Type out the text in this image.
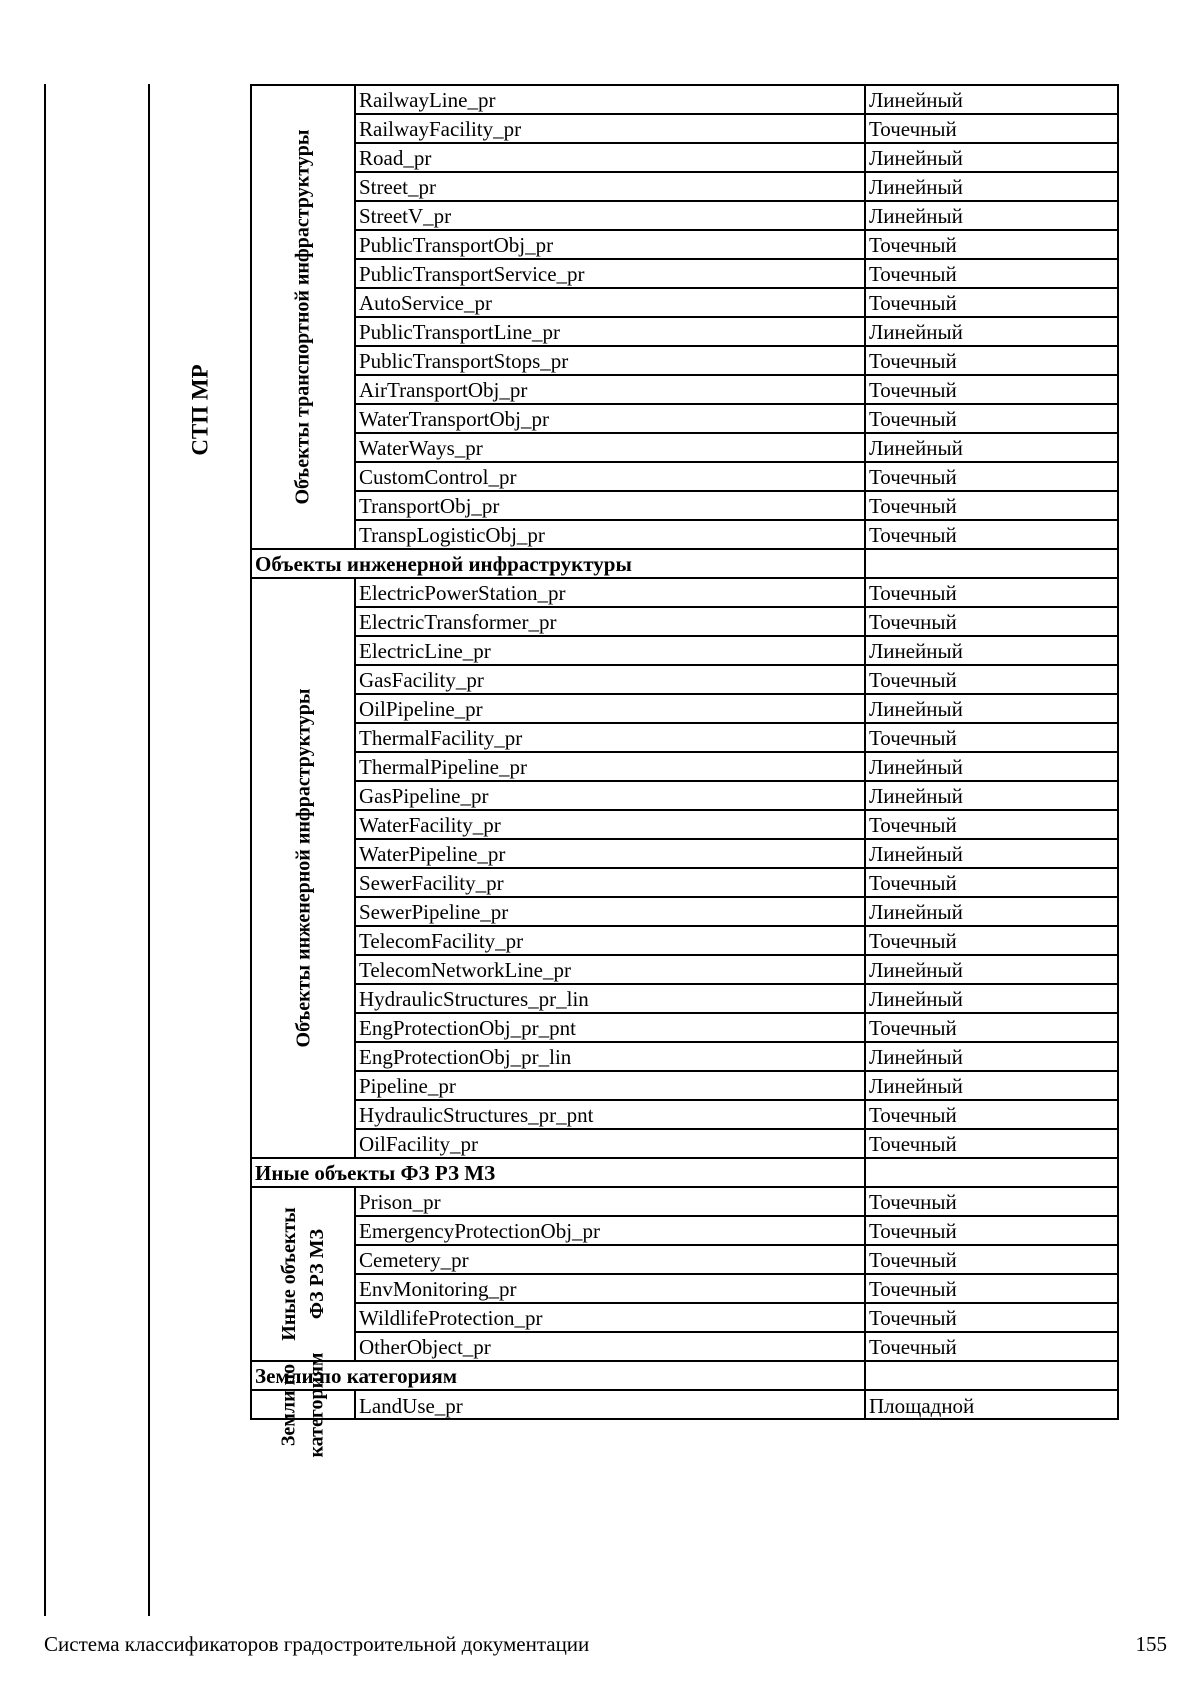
СТП МР	Объекты транспортной инфраструктуры	RailwayLine_pr	Линейный
	RailwayFacility_pr	Точечный
	Road_pr	Линейный
	Street_pr	Линейный
	StreetV_pr	Линейный
	PublicTransportObj_pr	Точечный
	PublicTransportService_pr	Точечный
	AutoService_pr	Точечный
	PublicTransportLine_pr	Линейный
	PublicTransportStops_pr	Точечный
	AirTransportObj_pr	Точечный
	WaterTransportObj_pr	Точечный
	WaterWays_pr	Линейный
	CustomControl_pr	Точечный
	TransportObj_pr	Точечный
	TranspLogisticObj_pr	Точечный
Объекты инженерной инфраструктуры		

Объекты инженерной инфраструктуры	ElectricPowerStation_pr	Точечный
	ElectricTransformer_pr	Точечный
	ElectricLine_pr	Линейный
	GasFacility_pr	Точечный
	OilPipeline_pr	Линейный
	ThermalFacility_pr	Точечный
	ThermalPipeline_pr	Линейный
	GasPipeline_pr	Линейный
	WaterFacility_pr	Точечный
	WaterPipeline_pr	Линейный
	SewerFacility_pr	Точечный
	SewerPipeline_pr	Линейный
	TelecomFacility_pr	Точечный
	TelecomNetworkLine_pr	Линейный
	HydraulicStructures_pr_lin	Линейный
	EngProtectionObj_pr_pnt	Точечный
	EngProtectionObj_pr_lin	Линейный
	Pipeline_pr	Линейный
	HydraulicStructures_pr_pnt	Точечный
	OilFacility_pr	Точечный
Иные объекты ФЗ РЗ МЗ		

Иные объекты ФЗ РЗ МЗ	Prison_pr	Точечный
	EmergencyProtectionObj_pr	Точечный
	Cemetery_pr	Точечный
	EnvMonitoring_pr	Точечный
	WildlifeProtection_pr	Точечный
	OtherObject_pr	Точечный
Земли по категориям		

Земли по категориям	LandUse_pr	Площадной
Система классификаторов градостроительной документации	155
